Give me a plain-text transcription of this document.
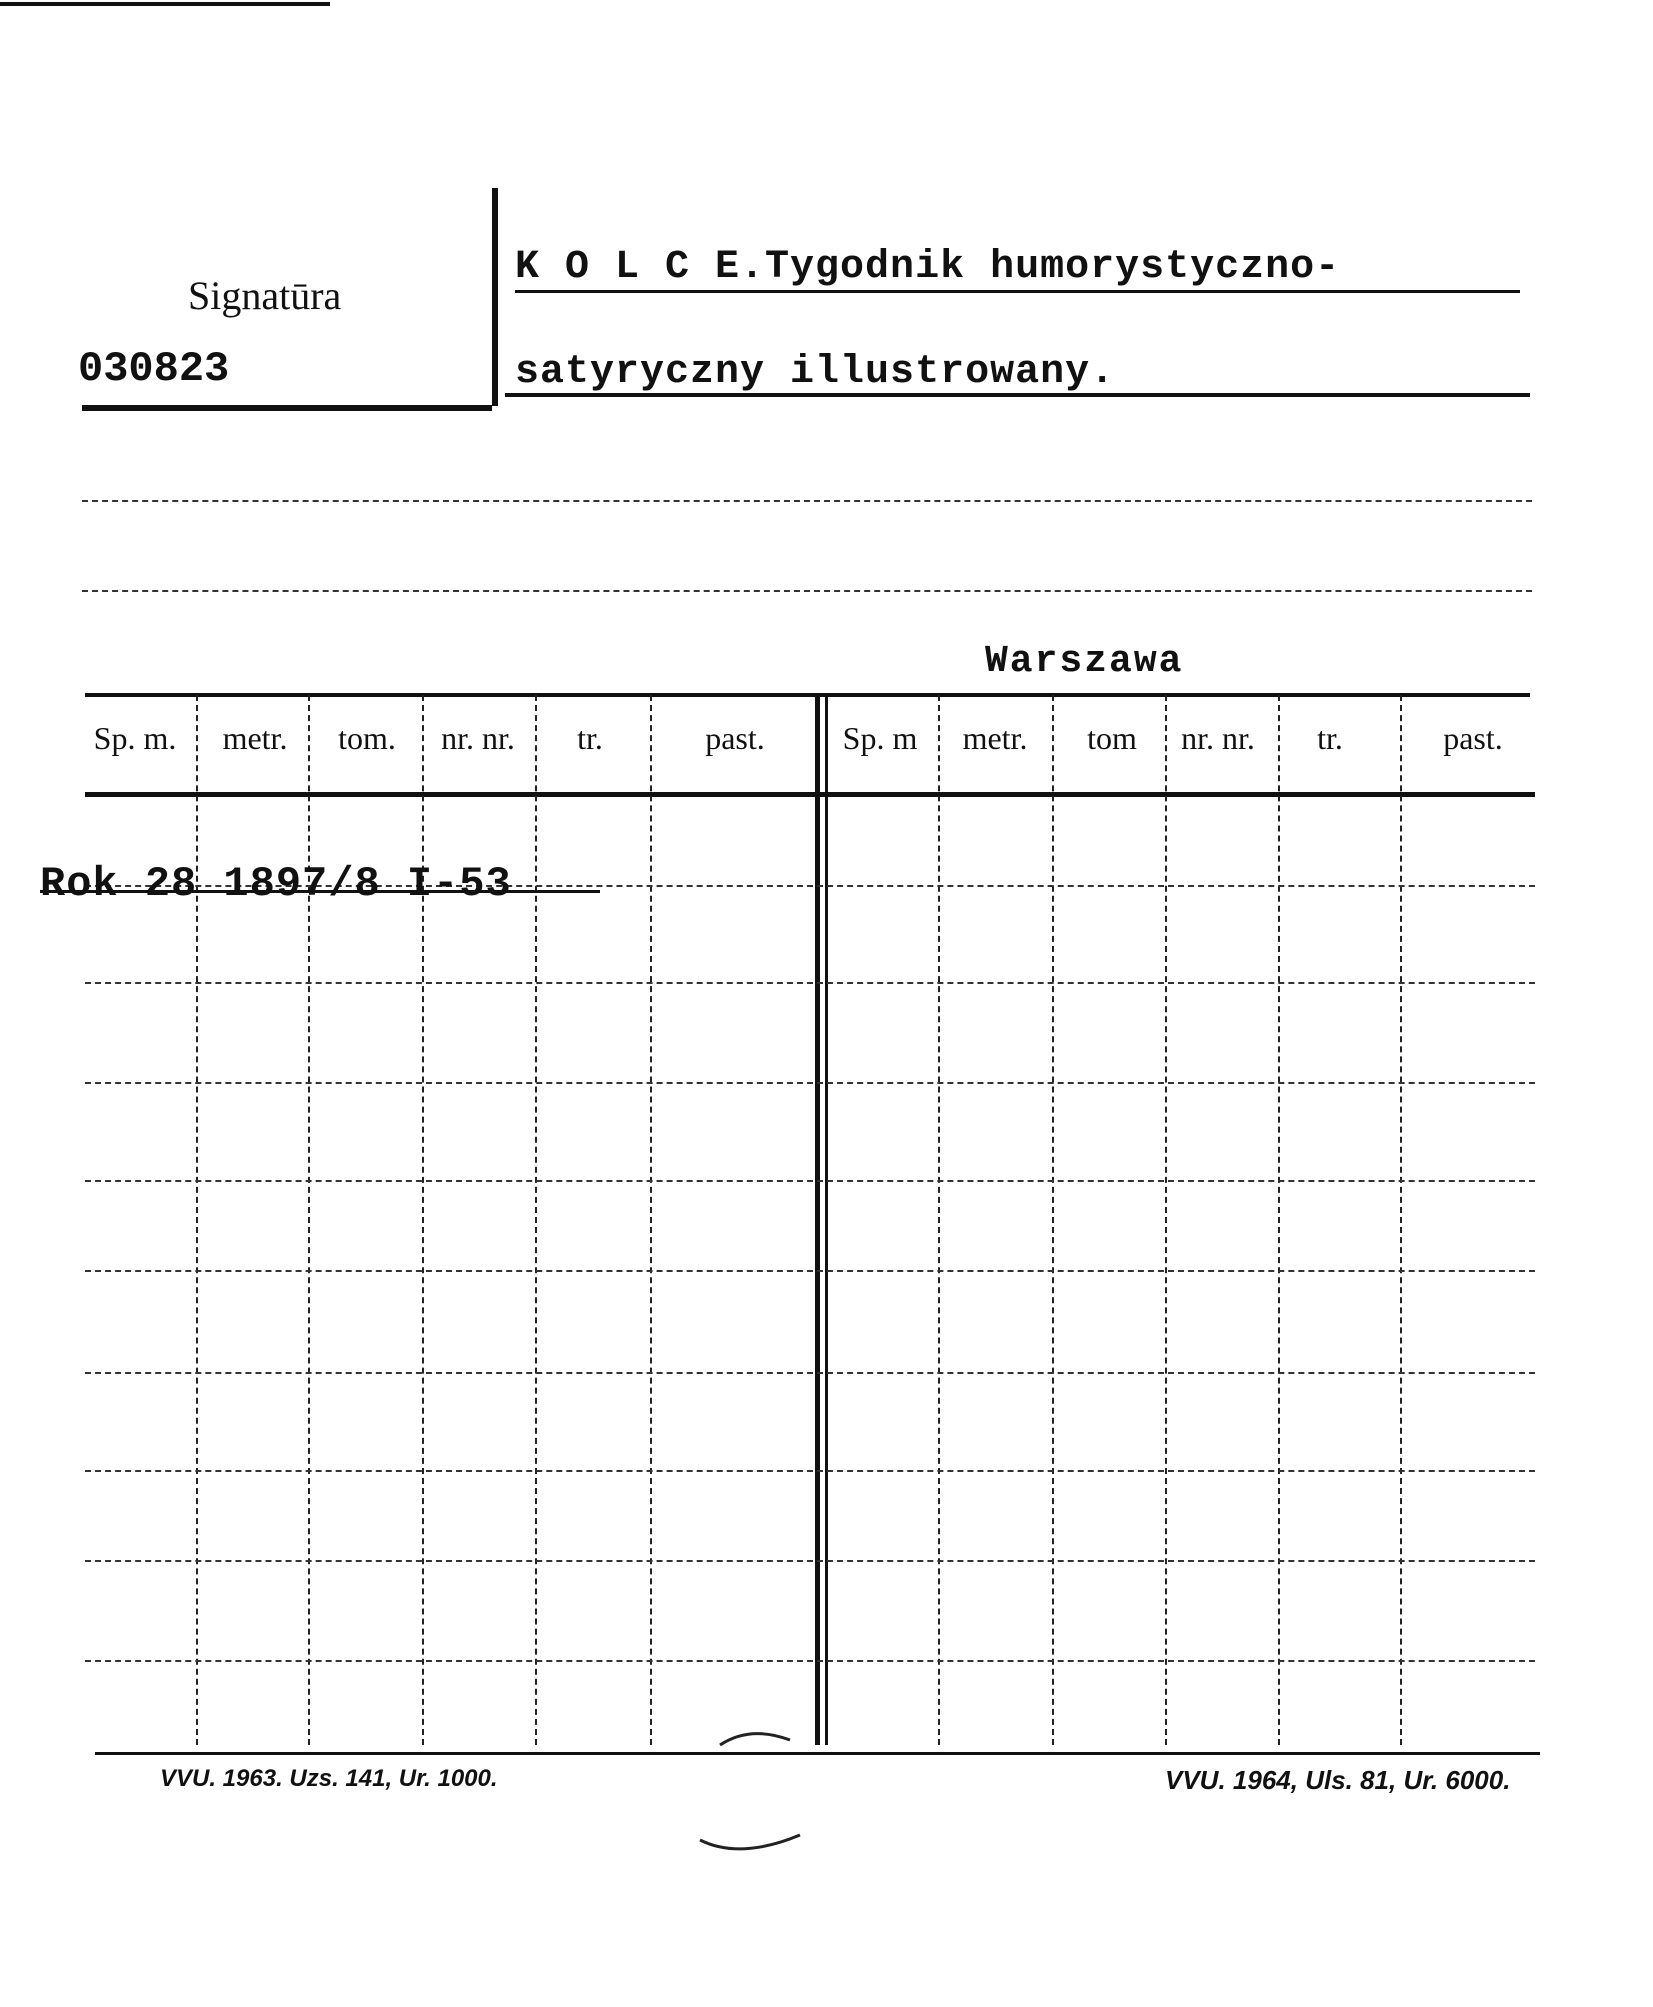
Signatūra
030823
K O L C E.Tygodnik humorystyczno-
satyryczny illustrowany.
Warszawa
Sp. m.	metr.	tom.	nr. nr.	tr.	past.	Sp. m	metr.	tom	nr. nr.	tr.	past.
Rok 28 1897/8 I-53
VVU. 1963. Uzs. 141, Ur. 1000.	VVU. 1964, Uls. 81, Ur. 6000.
